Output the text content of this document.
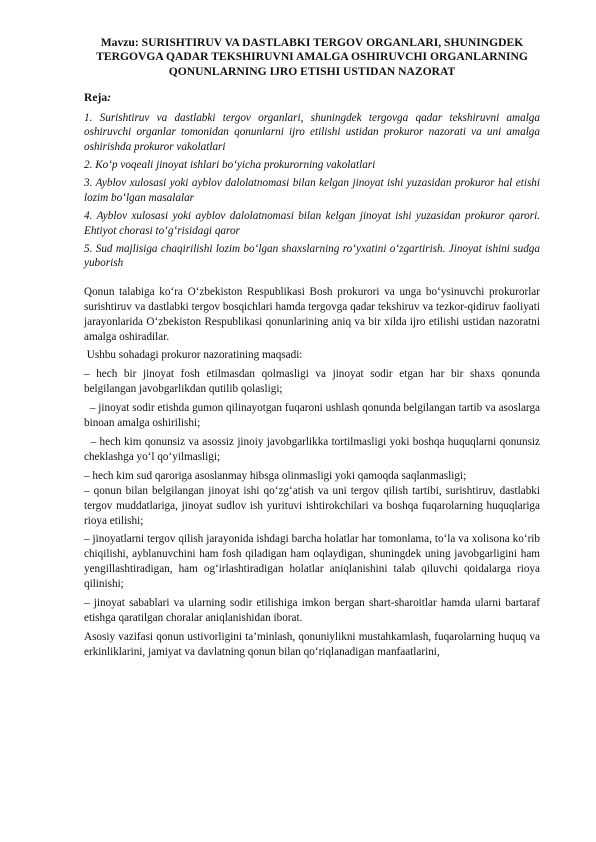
Mavzu: SURISHTIRUV VA DASTLABKI TERGOV ORGANLARI, SHUNINGDEK TERGOVGA QADAR TEKSHIRUVNI AMALGA OSHIRUVCHI ORGANLARNING QONUNLARNING IJRO ETISHI USTIDAN NAZORAT
Reja:
1. Surishtiruv va dastlabki tergov organlari, shuningdek tergovga qadar tekshiruvni amalga oshiruvchi organlar tomonidan qonunlarni ijro etilishi ustidan prokuror nazorati va uni amalga oshirishda prokuror vakolatlari
2. Ko‘p voqeali jinoyat ishlari bo‘yicha prokurorning vakolatlari
3. Ayblov xulosasi yoki ayblov dalolatnomasi bilan kelgan jinoyat ishi yuzasidan prokuror hal etishi lozim bo‘lgan masalalar
4. Ayblov xulosasi yoki ayblov dalolatnomasi bilan kelgan jinoyat ishi yuzasidan prokuror qarori. Ehtiyot chorasi to‘g‘risidagi qaror
5. Sud majlisiga chaqirilishi lozim bo‘lgan shaxslarning ro‘yxatini o‘zgartirish. Jinoyat ishini sudga yuborish

Qonun talabiga ko‘ra O‘zbekiston Respublikasi Bosh prokurori va unga bo‘ysinuvchi prokurorlar surishtiruv va dastlabki tergov bosqichlari hamda tergovga qadar tekshiruv va tezkor-qidiruv faoliyati jarayonlarida O‘zbekiston Respublikasi qonunlarining aniq va bir xilda ijro etilishi ustidan nazoratni amalga oshiradilar.

Ushbu sohadagi prokuror nazoratining maqsadi:

– hech bir jinoyat fosh etilmasdan qolmasligi va jinoyat sodir etgan har bir shaxs qonunda belgilangan javobgarlikdan qutilib qolasligi;

– jinoyat sodir etishda gumon qilinayotgan fuqaroni ushlash qonunda belgilangan tartib va asoslarga binoan amalga oshirilishi;

– hech kim qonunsiz va asossiz jinoiy javobgarlikka tortilmasligi yoki boshqa huquqlarni qonunsiz cheklashga yo‘l qo‘yilmasligi;

– hech kim sud qaroriga asoslanmay hibsga olinmasligi yoki qamoqda saqlanmasligi;

– qonun bilan belgilangan jinoyat ishi qo‘zg‘atish va uni tergov qilish tartibi, surishtiruv, dastlabki tergov muddatlariga, jinoyat sudlov ish yurituvi ishtirokchilari va boshqa fuqarolarning huquqlariga rioya etilishi;

– jinoyatlarni tergov qilish jarayonida ishdagi barcha holatlar har tomonlama, to‘la va xolisona ko‘rib chiqilishi, ayblanuvchini ham fosh qiladigan ham oqlaydigan, shuningdek uning javobgarligini ham yengillashtiradigan, ham og‘irlashtiradigan holatlar aniqlanishini talab qiluvchi qoidalarga rioya qilinishi;

– jinoyat sabablari va ularning sodir etilishiga imkon bergan shart-sharoitlar hamda ularni bartaraf etishga qaratilgan choralar aniqlanishidan iborat.

Asosiy vazifasi qonun ustivorligini ta’minlash, qonuniylikni mustahkamlash, fuqarolarning huquq va erkinliklarini, jamiyat va davlatning qonun bilan qo‘riqlanadigan manfaatlarini,
